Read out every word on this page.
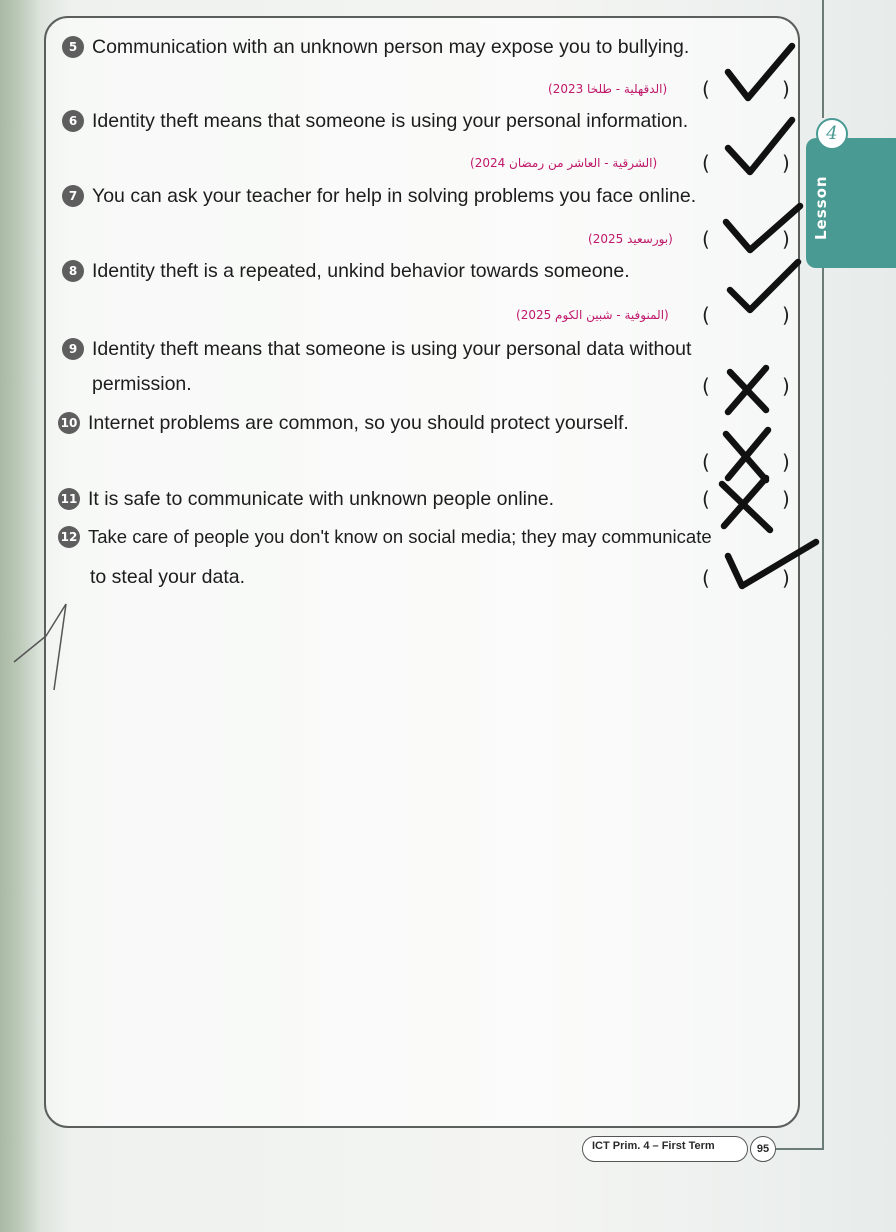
Lesson
4
5 Communication with an unknown person may expose you to bullying.
(الدقهلية - طلخا 2023) (	)
6 Identity theft means that someone is using your personal information.
(الشرقية - العاشر من رمضان 2024) (	)
7 You can ask your teacher for help in solving problems you face online.
(بورسعيد 2025) (	)
8 Identity theft is a repeated, unkind behavior towards someone.
(المنوفية - شبين الكوم 2025) (	)
9 Identity theft means that someone is using your personal data without
permission.	(	)
10 Internet problems are common, so you should protect yourself.
(	)
11 It is safe to communicate with unknown people online.	(	)
12 Take care of people you don't know on social media; they may communicate
to steal your data.	(	)
ICT Prim. 4 – First Term	95
